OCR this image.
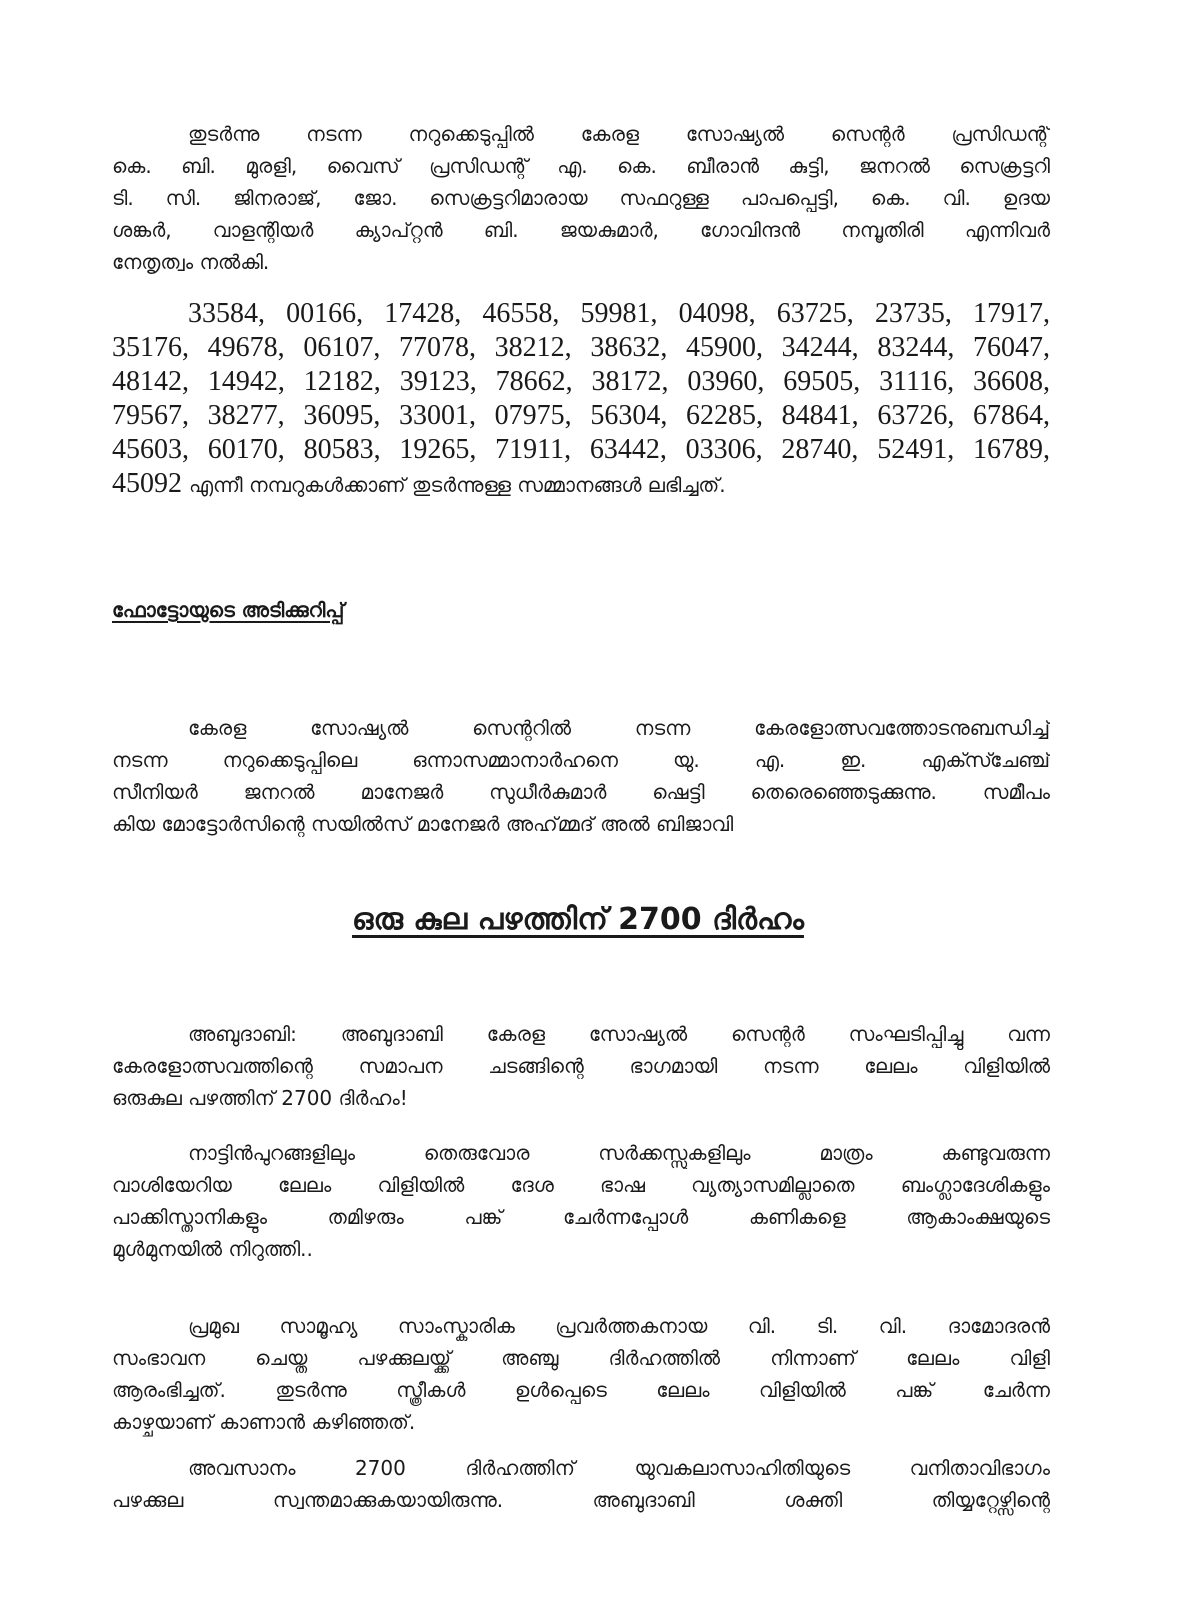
തുടർന്നു നടന്ന നറുക്കെടുപ്പിൽ കേരള സോഷ്യൽ സെന്റർ പ്രസിഡന്റ്
കെ. ബി. മുരളി, വൈസ് പ്രസിഡന്റ് എ. കെ. ബീരാൻ കുട്ടി, ജനറൽ സെക്രട്ടറി
ടി. സി. ജിനരാജ്, ജോ. സെക്രട്ടറിമാരായ സഫറുള്ള പാപപ്പെട്ടി, കെ. വി. ഉദയ
ശങ്കർ, വാളന്റിയർ ക്യാപ്റ്റൻ ബി. ജയകുമാർ, ഗോവിന്ദൻ നമ്പൂതിരി എന്നിവർ
നേതൃത്വം നൽകി.
33584, 00166, 17428, 46558, 59981, 04098, 63725, 23735, 17917,
35176, 49678, 06107, 77078, 38212, 38632, 45900, 34244, 83244, 76047,
48142, 14942, 12182, 39123, 78662, 38172, 03960, 69505, 31116, 36608,
79567, 38277, 36095, 33001, 07975, 56304, 62285, 84841, 63726, 67864,
45603, 60170, 80583, 19265, 71911, 63442, 03306, 28740, 52491, 16789,
45092 എന്നീ നമ്പറുകൾക്കാണ് തുടർന്നുള്ള സമ്മാനങ്ങൾ ലഭിച്ചത്.
ഫോട്ടോയുടെ അടിക്കുറിപ്പ്
കേരള സോഷ്യൽ സെന്ററിൽ നടന്ന കേരളോത്സവത്തോടനുബന്ധിച്ച്
നടന്ന നറുക്കെടുപ്പിലെ ഒന്നാസമ്മാനാർഹനെ യു. എ. ഇ. എക്സ്ചേഞ്ച്
സീനിയർ ജനറൽ മാനേജർ സുധീർകുമാർ ഷെട്ടി തെരെഞ്ഞെടുക്കുന്നു. സമീപം
കിയ മോട്ടോർസിന്റെ സയിൽസ് മാനേജർ അഹ്മ്മദ് അൽ ബിജാവി
ഒരു കുല പഴത്തിന് 2700 ദിർഹം
അബുദാബി: അബുദാബി കേരള സോഷ്യൽ സെന്റർ സംഘടിപ്പിച്ചു വന്ന
കേരളോത്സവത്തിന്റെ സമാപന ചടങ്ങിന്റെ ഭാഗമായി നടന്ന ലേലം വിളിയിൽ
ഒരുകുല പഴത്തിന് 2700 ദിർഹം!
നാട്ടിൻപുറങ്ങളിലും തെരുവോര സർക്കസ്സുകളിലും മാത്രം കണ്ടുവരുന്ന
വാശിയേറിയ ലേലം വിളിയിൽ ദേശ ഭാഷ വ്യത്യാസമില്ലാതെ ബംഗ്ലാദേശികളും
പാക്കിസ്താനികളും തമിഴരും പങ്ക് ചേർന്നപ്പോൾ കണികളെ ആകാംക്ഷയുടെ
മുൾമുനയിൽ നിറുത്തി..
പ്രമുഖ സാമൂഹ്യ സാംസ്കാരിക പ്രവർത്തകനായ വി. ടി. വി. ദാമോദരൻ
സംഭാവന ചെയ്ത പഴക്കുലയ്ക്ക് അഞ്ചു ദിർഹത്തിൽ നിന്നാണ് ലേലം വിളി
ആരംഭിച്ചത്. തുടർന്നു സ്ത്രീകൾ ഉൾപ്പെടെ ലേലം വിളിയിൽ പങ്ക് ചേർന്ന
കാഴ്ചയാണ് കാണാൻ കഴിഞ്ഞത്.
അവസാനം 2700 ദിർഹത്തിന് യുവകലാസാഹിതിയുടെ വനിതാവിഭാഗം
പഴക്കുല സ്വന്തമാക്കുകയായിരുന്നു. അബുദാബി ശക്തി തിയ്യറ്റേഴ്സിന്റെ
